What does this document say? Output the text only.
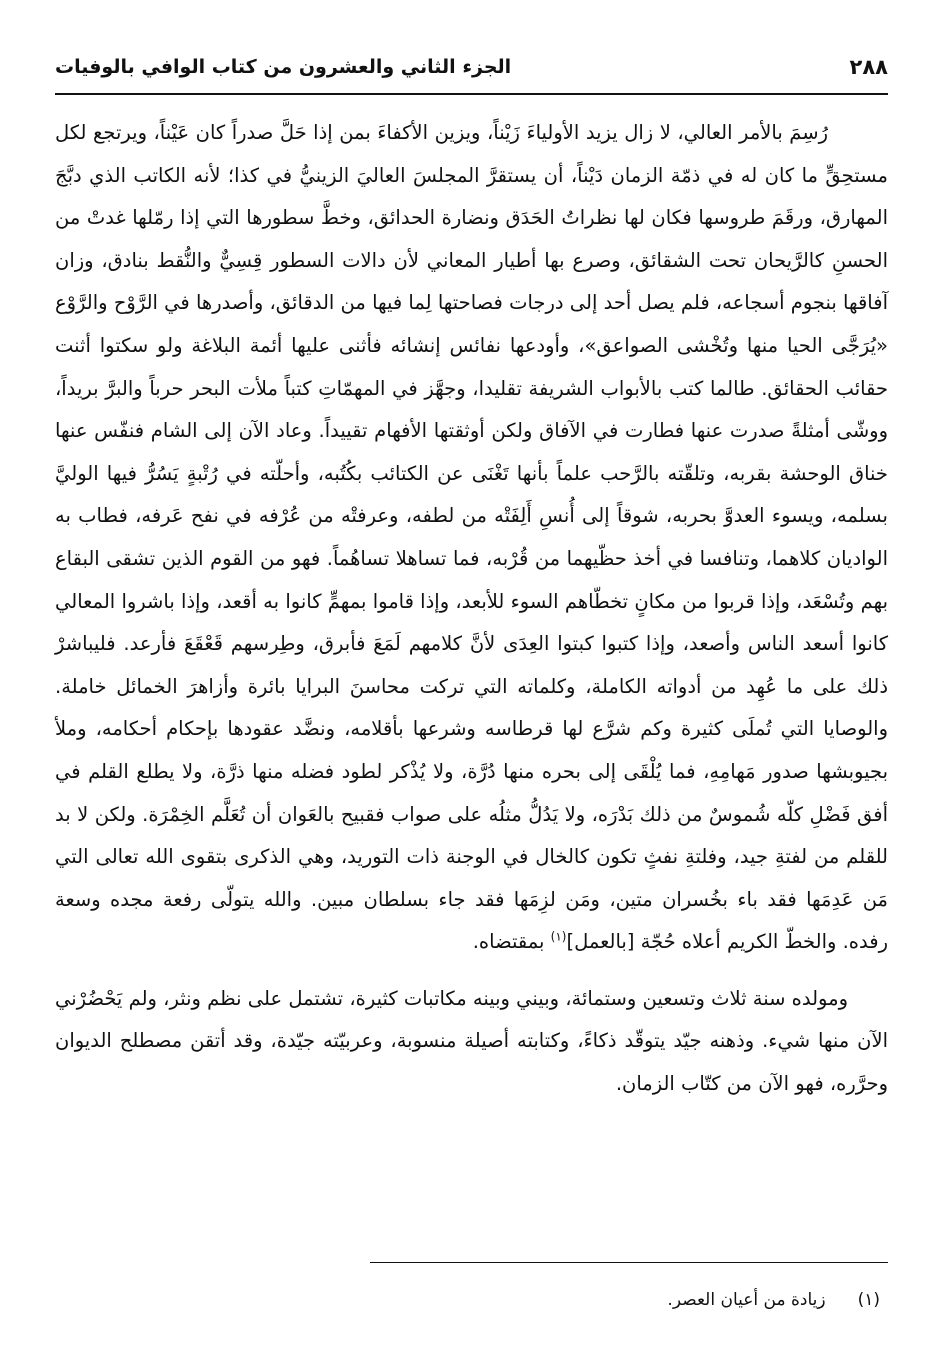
٢٨٨
الجزء الثاني والعشرون من كتاب الوافي بالوفيات

رُسِمَ بالأمر العالي، لا زال يزيد الأولياءَ زَيْناً، ويزين الأكفاءَ بمن إذا حَلَّ صدراً كان عَيْناً، ويرتجع لكل مستحِقٍّ ما كان له في ذمّة الزمان دَيْناً، أن يستقرَّ المجلسَ العاليَ الزينيُّ في كذا؛ لأنه الكاتب الذي دبَّجَ المهارق، ورقَمَ طروسها فكان لها نظراتُ الحَدَق ونضارة الحدائق، وخطَّ سطورها التي إذا رمّلها غدتْ من الحسنِ كالرَّيحان تحت الشقائق، وصرع بها أطيار المعاني لأن دالات السطور قِسِيٌّ والنُّقط بنادق، وزان آفاقها بنجوم أسجاعه، فلم يصل أحد إلى درجات فصاحتها لِما فيها من الدقائق، وأصدرها في الرَّوْح والرَّوْع «يُرَجَّى الحيا منها وتُخْشى الصواعق»، وأودعها نفائس إنشائه فأثنى عليها أئمة البلاغة ولو سكتوا أثنت حقائب الحقائق. طالما كتب بالأبواب الشريفة تقليدا، وجهَّز في المهمّاتِ كتباً ملأت البحر حرباً والبرَّ بريداً، ووشّى أمثلةً صدرت عنها فطارت في الآفاق ولكن أوثقتها الأفهام تقييداً. وعاد الآن إلى الشام فنفّس عنها خناق الوحشة بقربه، وتلقّته بالرَّحب علماً بأنها تَغْنَى عن الكتائب بكُتُبه، وأحلّته في رُتْبةٍ يَسُرُّ فيها الوليَّ بسلمه، ويسوء العدوَّ بحربه، شوقاً إلى أُنسِ أَلِفَتْه من لطفه، وعرفتْه من عُرْفه في نفح عَرفه، فطاب به الواديان كلاهما، وتنافسا في أخذ حظّيهما من قُرْبه، فما تساهلا تساهُماً. فهو من القوم الذين تشقى البقاع بهم وتُسْعَد، وإذا قربوا من مكانٍ تخطّاهم السوء للأبعد، وإذا قاموا بمهمٍّ كانوا به أقعد، وإذا باشروا المعالي كانوا أسعد الناس وأصعد، وإذا كتبوا كبتوا العِدَى لأنَّ كلامهم لَمَعَ فأبرق، وطِرسهم قَعْقَعَ فأرعد. فليباشرْ ذلك على ما عُهِد من أدواته الكاملة، وكلماته التي تركت محاسنَ البرايا بائرة وأزاهرَ الخمائل خاملة. والوصايا التي تُملَى كثيرة وكم شرَّع لها قرطاسه وشرعها بأقلامه، ونضَّد عقودها بإحكام أحكامه، وملأ بجيوبشها صدور مَهامِهِ، فما يُلْقَى إلى بحره منها دُرَّة، ولا يُذْكر لطود فضله منها ذرَّة، ولا يطلع القلم في أفق فَضْلِ كلّه شُموسٌ من ذلك بَدْرَه، ولا يَدُلُّ مثلُه على صواب فقبيح بالعَوان أن تُعَلَّم الخِمْرَة. ولكن لا بد للقلم من لفتةِ جيد، وفلتةِ نفثٍ تكون كالخال في الوجنة ذات التوريد، وهي الذكرى بتقوى الله تعالى التي مَن عَدِمَها فقد باء بخُسران متين، ومَن لزِمَها فقد جاء بسلطان مبين. والله يتولّى رفعة مجده وسعة رفده. والخطّ الكريم أعلاه حُجّة [بالعمل]$^{(١)}$ بمقتضاه.

ومولده سنة ثلاث وتسعين وستمائة، وبيني وبينه مكاتبات كثيرة، تشتمل على نظم ونثر، ولم يَحْضُرْني الآن منها شيء. وذهنه جيّد يتوقّد ذكاءً، وكتابته أصيلة منسوبة، وعربيّته جيّدة، وقد أتقن مصطلح الديوان وحرَّره، فهو الآن من كتّاب الزمان.

(١)
زيادة من أعيان العصر.
